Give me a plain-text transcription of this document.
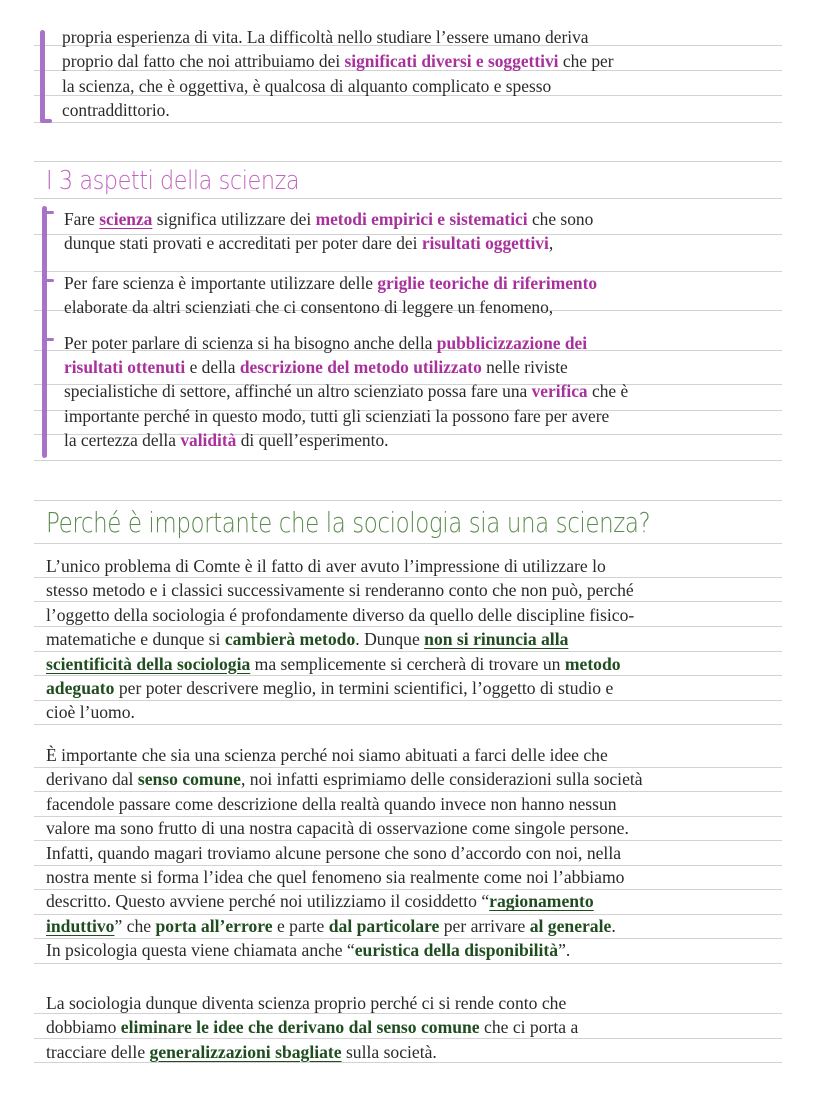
propria esperienza di vita. La difficoltà nello studiare l’essere umano deriva
proprio dal fatto che noi attribuiamo dei significati diversi e soggettivi che per
la scienza, che è oggettiva, è qualcosa di alquanto complicato e spesso
contraddittorio.
I 3 aspetti della scienza
Fare scienza significa utilizzare dei metodi empirici e sistematici che sono
dunque stati provati e accreditati per poter dare dei risultati oggettivi,
Per fare scienza è importante utilizzare delle griglie teoriche di riferimento
elaborate da altri scienziati che ci consentono di leggere un fenomeno,
Per poter parlare di scienza si ha bisogno anche della pubblicizzazione dei
risultati ottenuti e della descrizione del metodo utilizzato nelle riviste
specialistiche di settore, affinché un altro scienziato possa fare una verifica che è
importante perché in questo modo, tutti gli scienziati la possono fare per avere
la certezza della validità di quell’esperimento.
Perché è importante che la sociologia sia una scienza?
L’unico problema di Comte è il fatto di aver avuto l’impressione di utilizzare lo
stesso metodo e i classici successivamente si renderanno conto che non può, perché
l’oggetto della sociologia é profondamente diverso da quello delle discipline fisico-
matematiche e dunque si cambierà metodo. Dunque non si rinuncia alla
scientificità della sociologia ma semplicemente si cercherà di trovare un metodo
adeguato per poter descrivere meglio, in termini scientifici, l’oggetto di studio e
cioè l’uomo.
È importante che sia una scienza perché noi siamo abituati a farci delle idee che
derivano dal senso comune, noi infatti esprimiamo delle considerazioni sulla società
facendole passare come descrizione della realtà quando invece non hanno nessun
valore ma sono frutto di una nostra capacità di osservazione come singole persone.
Infatti, quando magari troviamo alcune persone che sono d’accordo con noi, nella
nostra mente si forma l’idea che quel fenomeno sia realmente come noi l’abbiamo
descritto. Questo avviene perché noi utilizziamo il cosiddetto “ragionamento
induttivo” che porta all’errore e parte dal particolare per arrivare al generale.
In psicologia questa viene chiamata anche “euristica della disponibilità”.
La sociologia dunque diventa scienza proprio perché ci si rende conto che
dobbiamo eliminare le idee che derivano dal senso comune che ci porta a
tracciare delle generalizzazioni sbagliate sulla società.
